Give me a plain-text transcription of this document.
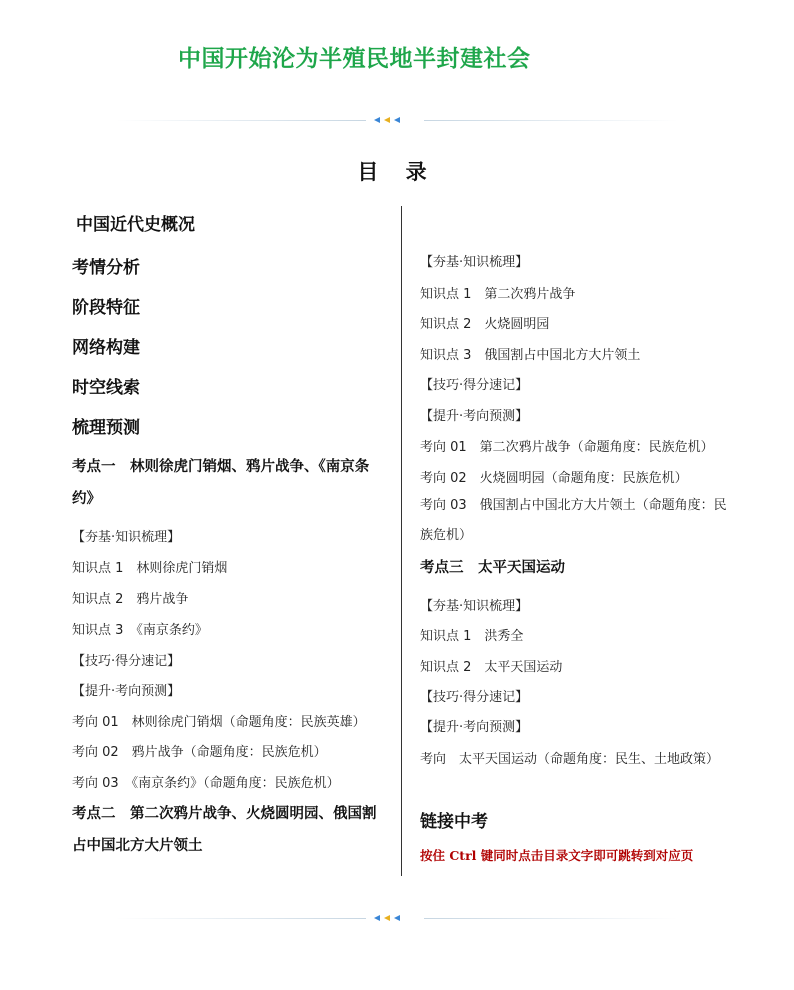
中国开始沦为半殖民地半封建社会
目 录
中国近代史概况
考情分析
阶段特征
网络构建
时空线索
梳理预测
考点一　林则徐虎门销烟、鸦片战争、《南京条约》
【夯基·知识梳理】
知识点 1　林则徐虎门销烟
知识点 2　鸦片战争
知识点 3　《南京条约》
【技巧·得分速记】
【提升·考向预测】
考向 01　林则徐虎门销烟（命题角度：民族英雄）
考向 02　鸦片战争（命题角度：民族危机）
考向 03　《南京条约》（命题角度：民族危机）
考点二　第二次鸦片战争、火烧圆明园、俄国割占中国北方大片领土
【夯基·知识梳理】
知识点 1　第二次鸦片战争
知识点 2　火烧圆明园
知识点 3　俄国割占中国北方大片领土
【技巧·得分速记】
【提升·考向预测】
考向 01　第二次鸦片战争（命题角度：民族危机）
考向 02　火烧圆明园（命题角度：民族危机）
考向 03　俄国割占中国北方大片领土（命题角度：民族危机）
考点三　太平天国运动
【夯基·知识梳理】
知识点 1　洪秀全
知识点 2　太平天国运动
【技巧·得分速记】
【提升·考向预测】
考向　太平天国运动（命题角度：民生、土地政策）
链接中考
按住 Ctrl 键同时点击目录文字即可跳转到对应页
